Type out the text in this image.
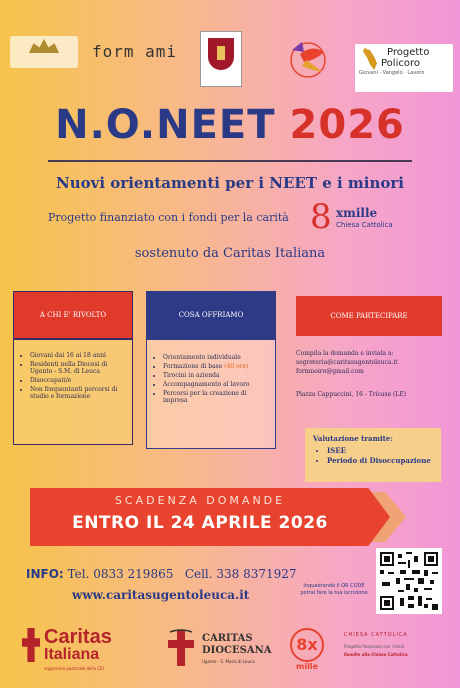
form ami	Progetto
Policoro
Giovani · Vangelo · Lavoro
N.O.NEET 2026
Nuovi orientamenti per i NEET e i minori
Progetto finanziato con i fondi per la carità 8 xmille
Chiesa Cattolica
sostenuto da Caritas Italiana
A CHI E' RIVOLTO
• Giovani dai 16 ai 18 anni
• Residenti nella Diocesi di Ugento - S.M. di Leuca
• Disoccupati/e
• Non frequentanti percorsi di studio e formazione
COSA OFFRIAMO
• Orientamento individuale
• Formazione di base (40 ore)
• Tirocini in azienda
• Accompagnamento al lavoro
• Percorsi per la creazione di impresa
COME PARTECIPARE
Compila la domanda e inviala a:
segreteria@caritasugentoleuca.it
formnoiro@gmail.com
Piazza Cappuccini, 16 - Tricase (LE)
Valutazione tramite:
• ISEE
• Periodo di Disoccupazione
SCADENZA DOMANDE
ENTRO IL 24 APRILE 2026
INFO: Tel. 0833 219865 Cell. 338 8371927
www.caritasugentoleuca.it
Inquadrando il QR CODE potrai fare la tua iscrizione
Caritas
Italiana
organismo pastorale della CEI
CARITAS
DIOCESANA
Ugento - S. Maria di Leuca
8x
mille
CHIESA CATTOLICA
Progetto finanziato con i fondi
8xmille alla Chiesa Cattolica
